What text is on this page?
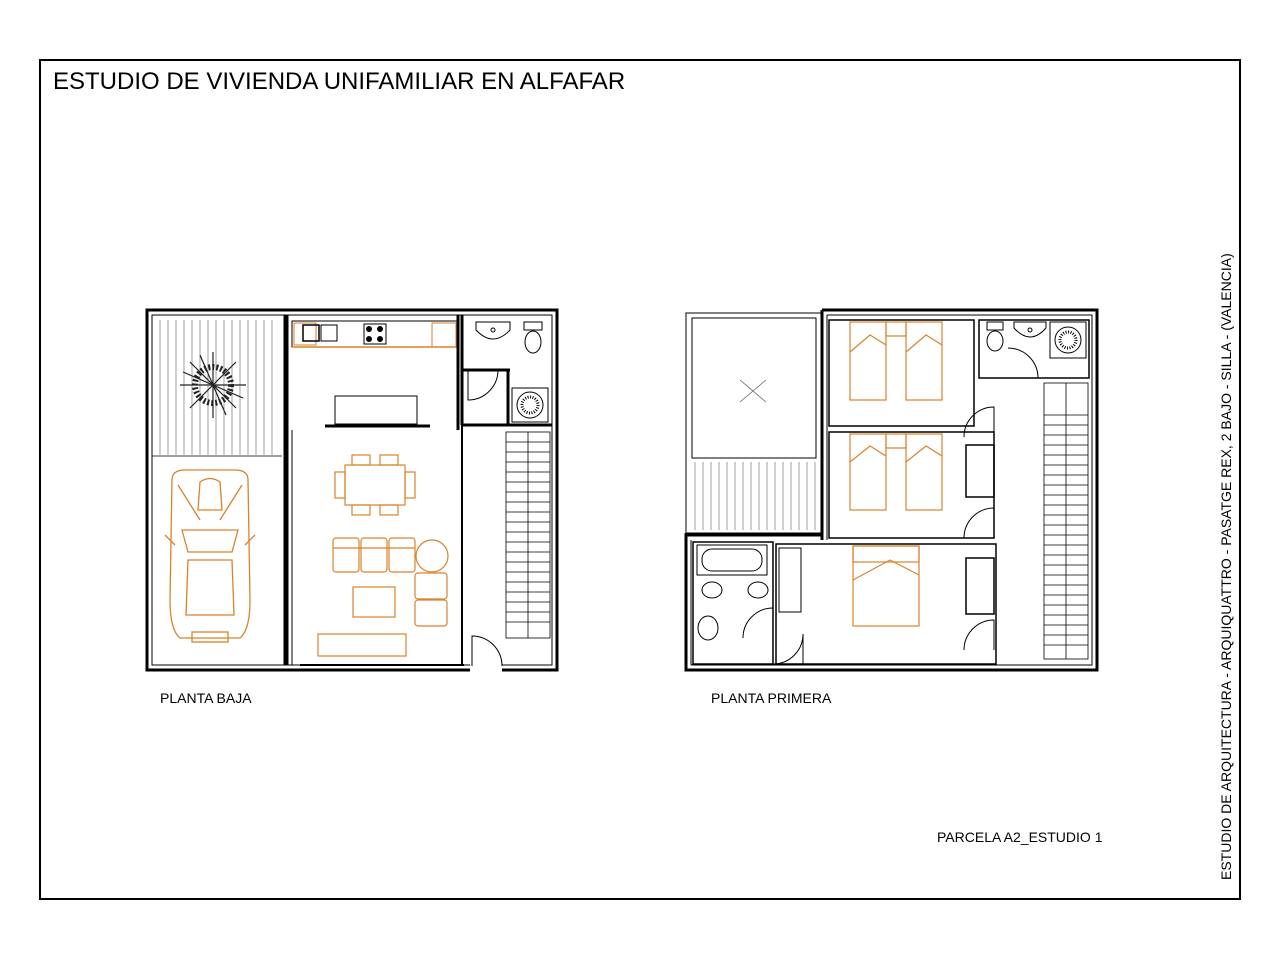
ESTUDIO DE VIVIENDA UNIFAMILIAR EN ALFAFAR
ESTUDIO DE ARQUITECTURA - ARQUIQUATTRO - PASATGE REX, 2 BAJO - SILLA - (VALENCIA)
PLANTA BAJA	PLANTA PRIMERA
PARCELA A2_ESTUDIO 1
